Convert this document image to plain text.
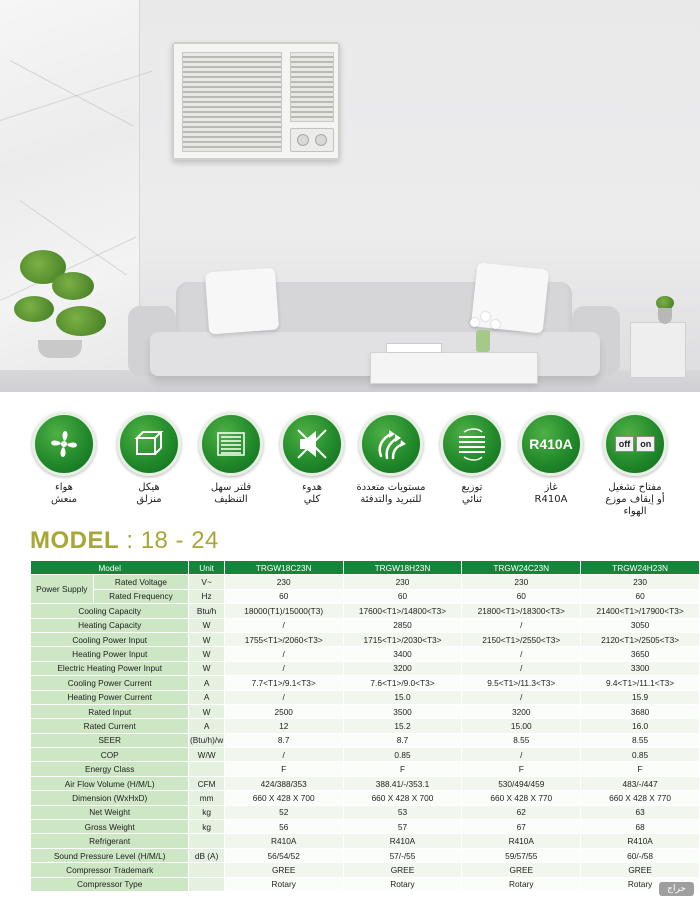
هواء
منعش
هيكل
منزلق
فلتر سهل
التنظيف
هدوء
كلي
مستويات متعددة
للتبريد والتدفئة
توزيع
ثنائي
R410A
غاز
R410A
off	on
مفتاح تشغيل
أو إيقاف موزع
الهواء
MODEL : 18 - 24
Model		Unit	TRGW18C23N	TRGW18H23N	TRGW24C23N	TRGW24H23N
Power Supply	Rated Voltage	V~	230	230	230	230
	Rated Frequency	Hz	60	60	60	60
Cooling Capacity		Btu/h	18000(T1)/15000(T3)	17600<T1>/14800<T3>	21800<T1>/18300<T3>	21400<T1>/17900<T3>
Heating Capacity		W	/	2850	/	3050
Cooling Power Input		W	1755<T1>/2060<T3>	1715<T1>/2030<T3>	2150<T1>/2550<T3>	2120<T1>/2505<T3>
Heating Power Input		W	/	3400	/	3650
Electric Heating Power Input		W	/	3200	/	3300
Cooling Power Current		A	7.7<T1>/9.1<T3>	7.6<T1>/9.0<T3>	9.5<T1>/11.3<T3>	9.4<T1>/11.1<T3>
Heating Power Current		A	/	15.0	/	15.9
Rated Input		W	2500	3500	3200	3680
Rated Current		A	12	15.2	15.00	16.0
SEER		(Btu/h)/w	8.7	8.7	8.55	8.55
COP		W/W	/	0.85	/	0.85
Energy Class			F	F	F	F
Air Flow Volume (H/M/L)		CFM	424/388/353	388.41/-/353.1	530/494/459	483/-/447
Dimension (WxHxD)		mm	660 X 428 X 700	660 X 428 X 700	660 X 428 X 770	660 X 428 X 770
Net Weight		kg	52	53	62	63
Gross Weight		kg	56	57	67	68
Refrigerant			R410A	R410A	R410A	R410A
Sound Pressure Level (H/M/L)		dB (A)	56/54/52	57/-/55	59/57/55	60/-/58
Compressor Trademark			GREE	GREE	GREE	GREE
Compressor Type			Rotary	Rotary	Rotary	Rotary	حراج
